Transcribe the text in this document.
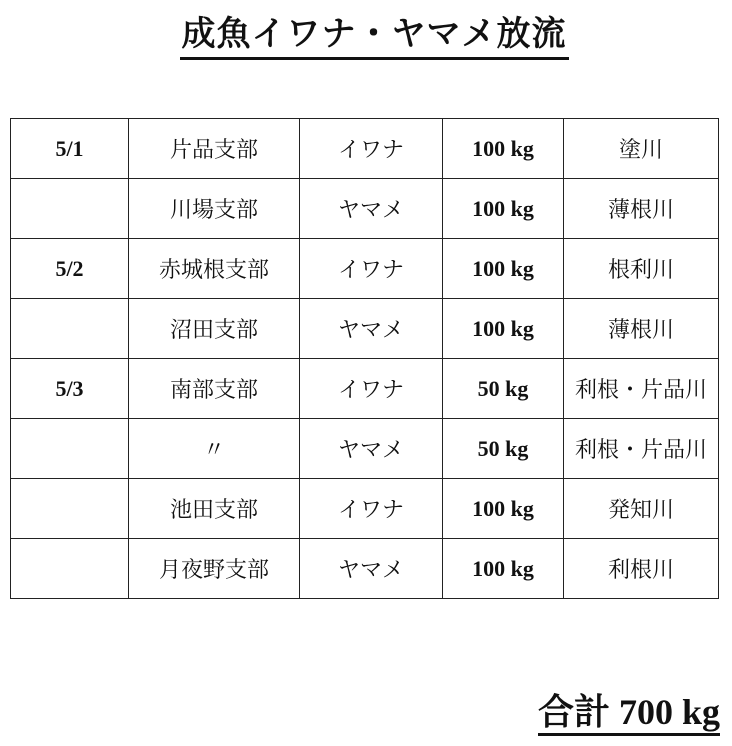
成魚イワナ・ヤマメ放流
5/1	片品支部	イワナ	100 kg	塗川
	川場支部	ヤマメ	100 kg	薄根川
5/2	赤城根支部	イワナ	100 kg	根利川
	沼田支部	ヤマメ	100 kg	薄根川
5/3	南部支部	イワナ	50 kg	利根・片品川
	〃	ヤマメ	50 kg	利根・片品川
	池田支部	イワナ	100 kg	発知川
	月夜野支部	ヤマメ	100 kg	利根川
合計 700 kg
